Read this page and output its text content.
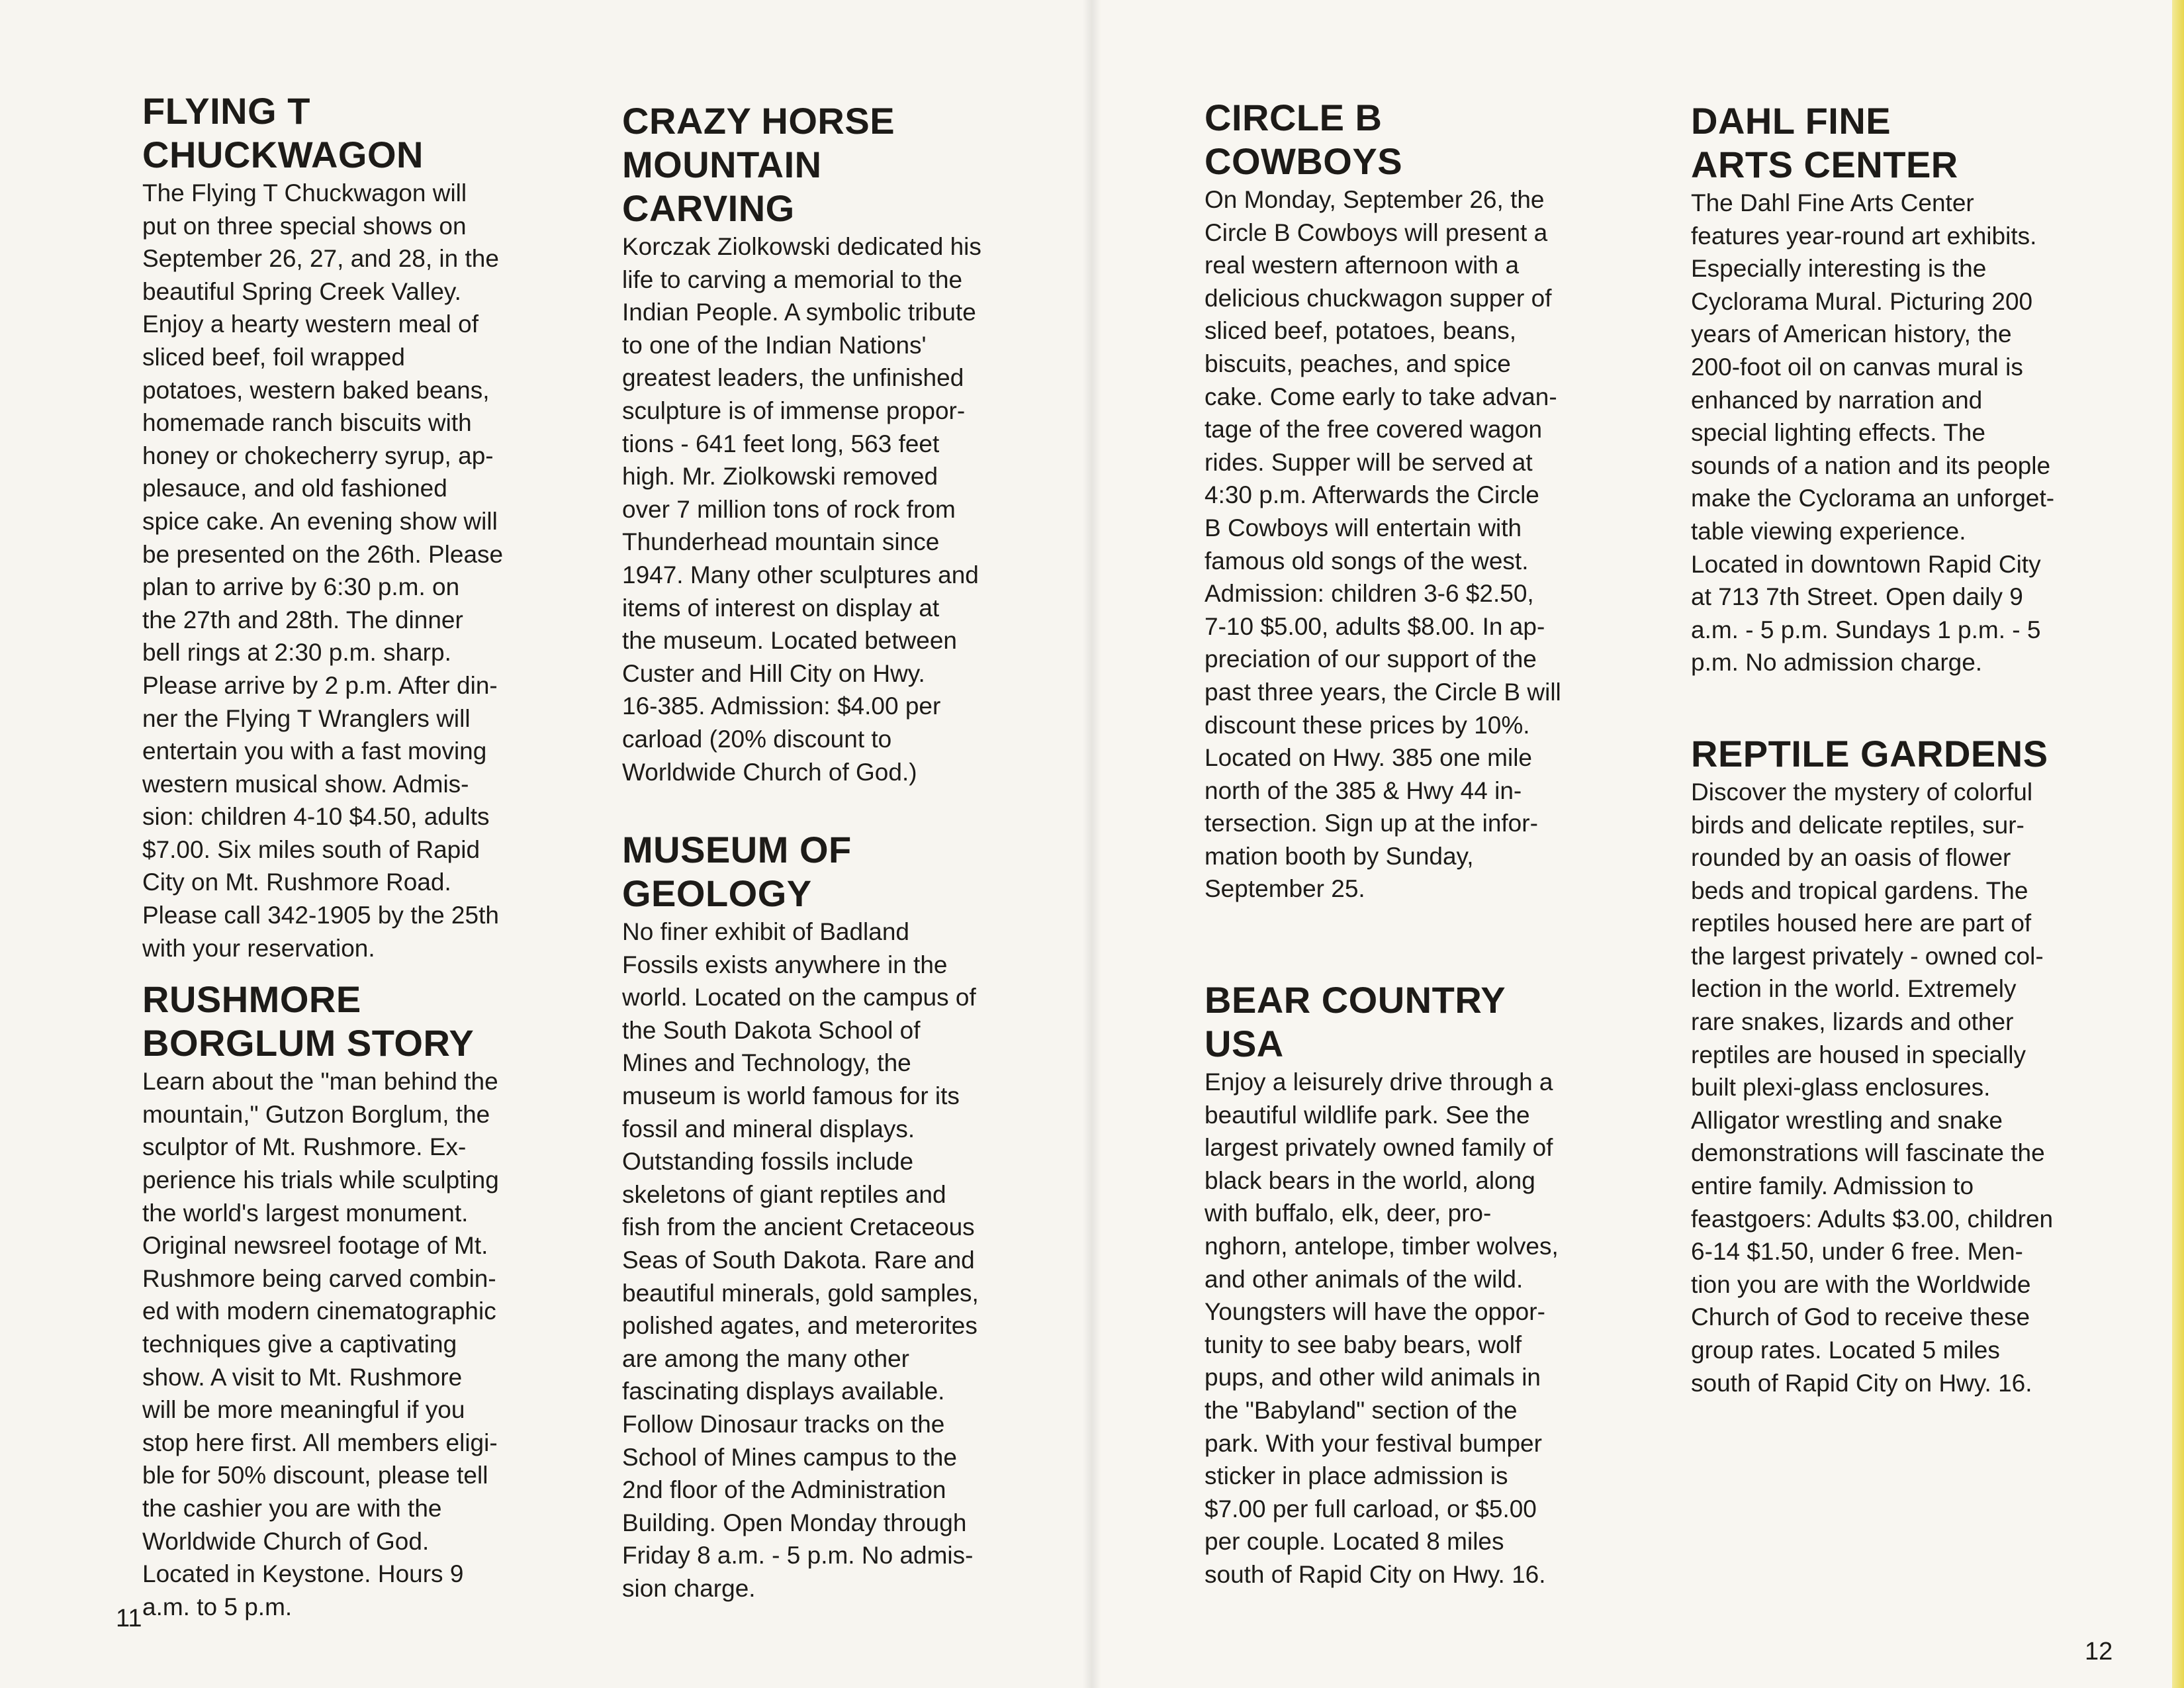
FLYING T
CHUCKWAGON

The Flying T Chuckwagon will
put on three special shows on
September 26, 27, and 28, in the
beautiful Spring Creek Valley.
Enjoy a hearty western meal of
sliced beef, foil wrapped
potatoes, western baked beans,
homemade ranch biscuits with
honey or chokecherry syrup, ap-
plesauce, and old fashioned
spice cake. An evening show will
be presented on the 26th. Please
plan to arrive by 6:30 p.m. on
the 27th and 28th. The dinner
bell rings at 2:30 p.m. sharp.
Please arrive by 2 p.m. After din-
ner the Flying T Wranglers will
entertain you with a fast moving
western musical show. Admis-
sion: children 4-10 $4.50, adults
$7.00. Six miles south of Rapid
City on Mt. Rushmore Road.
Please call 342-1905 by the 25th
with your reservation.

RUSHMORE
BORGLUM STORY

Learn about the "man behind the
mountain," Gutzon Borglum, the
sculptor of Mt. Rushmore. Ex-
perience his trials while sculpting
the world's largest monument.
Original newsreel footage of Mt.
Rushmore being carved combin-
ed with modern cinematographic
techniques give a captivating
show. A visit to Mt. Rushmore
will be more meaningful if you
stop here first. All members eligi-
ble for 50% discount, please tell
the cashier you are with the
Worldwide Church of God.
Located in Keystone. Hours 9
a.m. to 5 p.m.

CRAZY HORSE
MOUNTAIN
CARVING

Korczak Ziolkowski dedicated his
life to carving a memorial to the
Indian People. A symbolic tribute
to one of the Indian Nations'
greatest leaders, the unfinished
sculpture is of immense propor-
tions - 641 feet long, 563 feet
high. Mr. Ziolkowski removed
over 7 million tons of rock from
Thunderhead mountain since
1947. Many other sculptures and
items of interest on display at
the museum. Located between
Custer and Hill City on Hwy.
16-385. Admission: $4.00 per
carload (20% discount to
Worldwide Church of God.)

MUSEUM OF
GEOLOGY

No finer exhibit of Badland
Fossils exists anywhere in the
world. Located on the campus of
the South Dakota School of
Mines and Technology, the
museum is world famous for its
fossil and mineral displays.
Outstanding fossils include
skeletons of giant reptiles and
fish from the ancient Cretaceous
Seas of South Dakota. Rare and
beautiful minerals, gold samples,
polished agates, and meterorites
are among the many other
fascinating displays available.
Follow Dinosaur tracks on the
School of Mines campus to the
2nd floor of the Administration
Building. Open Monday through
Friday 8 a.m. - 5 p.m. No admis-
sion charge.

CIRCLE B
COWBOYS

On Monday, September 26, the
Circle B Cowboys will present a
real western afternoon with a
delicious chuckwagon supper of
sliced beef, potatoes, beans,
biscuits, peaches, and spice
cake. Come early to take advan-
tage of the free covered wagon
rides. Supper will be served at
4:30 p.m. Afterwards the Circle
B Cowboys will entertain with
famous old songs of the west.
Admission: children 3-6 $2.50,
7-10 $5.00, adults $8.00. In ap-
preciation of our support of the
past three years, the Circle B will
discount these prices by 10%.
Located on Hwy. 385 one mile
north of the 385 & Hwy 44 in-
tersection. Sign up at the infor-
mation booth by Sunday,
September 25.

BEAR COUNTRY
USA

Enjoy a leisurely drive through a
beautiful wildlife park. See the
largest privately owned family of
black bears in the world, along
with buffalo, elk, deer, pro-
nghorn, antelope, timber wolves,
and other animals of the wild.
Youngsters will have the oppor-
tunity to see baby bears, wolf
pups, and other wild animals in
the "Babyland" section of the
park. With your festival bumper
sticker in place admission is
$7.00 per full carload, or $5.00
per couple. Located 8 miles
south of Rapid City on Hwy. 16.

DAHL FINE
ARTS CENTER

The Dahl Fine Arts Center
features year-round art exhibits.
Especially interesting is the
Cyclorama Mural. Picturing 200
years of American history, the
200-foot oil on canvas mural is
enhanced by narration and
special lighting effects. The
sounds of a nation and its people
make the Cyclorama an unforget-
table viewing experience.
Located in downtown Rapid City
at 713 7th Street. Open daily 9
a.m. - 5 p.m. Sundays 1 p.m. - 5
p.m. No admission charge.

REPTILE GARDENS

Discover the mystery of colorful
birds and delicate reptiles, sur-
rounded by an oasis of flower
beds and tropical gardens. The
reptiles housed here are part of
the largest privately - owned col-
lection in the world. Extremely
rare snakes, lizards and other
reptiles are housed in specially
built plexi-glass enclosures.
Alligator wrestling and snake
demonstrations will fascinate the
entire family. Admission to
feastgoers: Adults $3.00, children
6-14 $1.50, under 6 free. Men-
tion you are with the Worldwide
Church of God to receive these
group rates. Located 5 miles
south of Rapid City on Hwy. 16.

11
12
